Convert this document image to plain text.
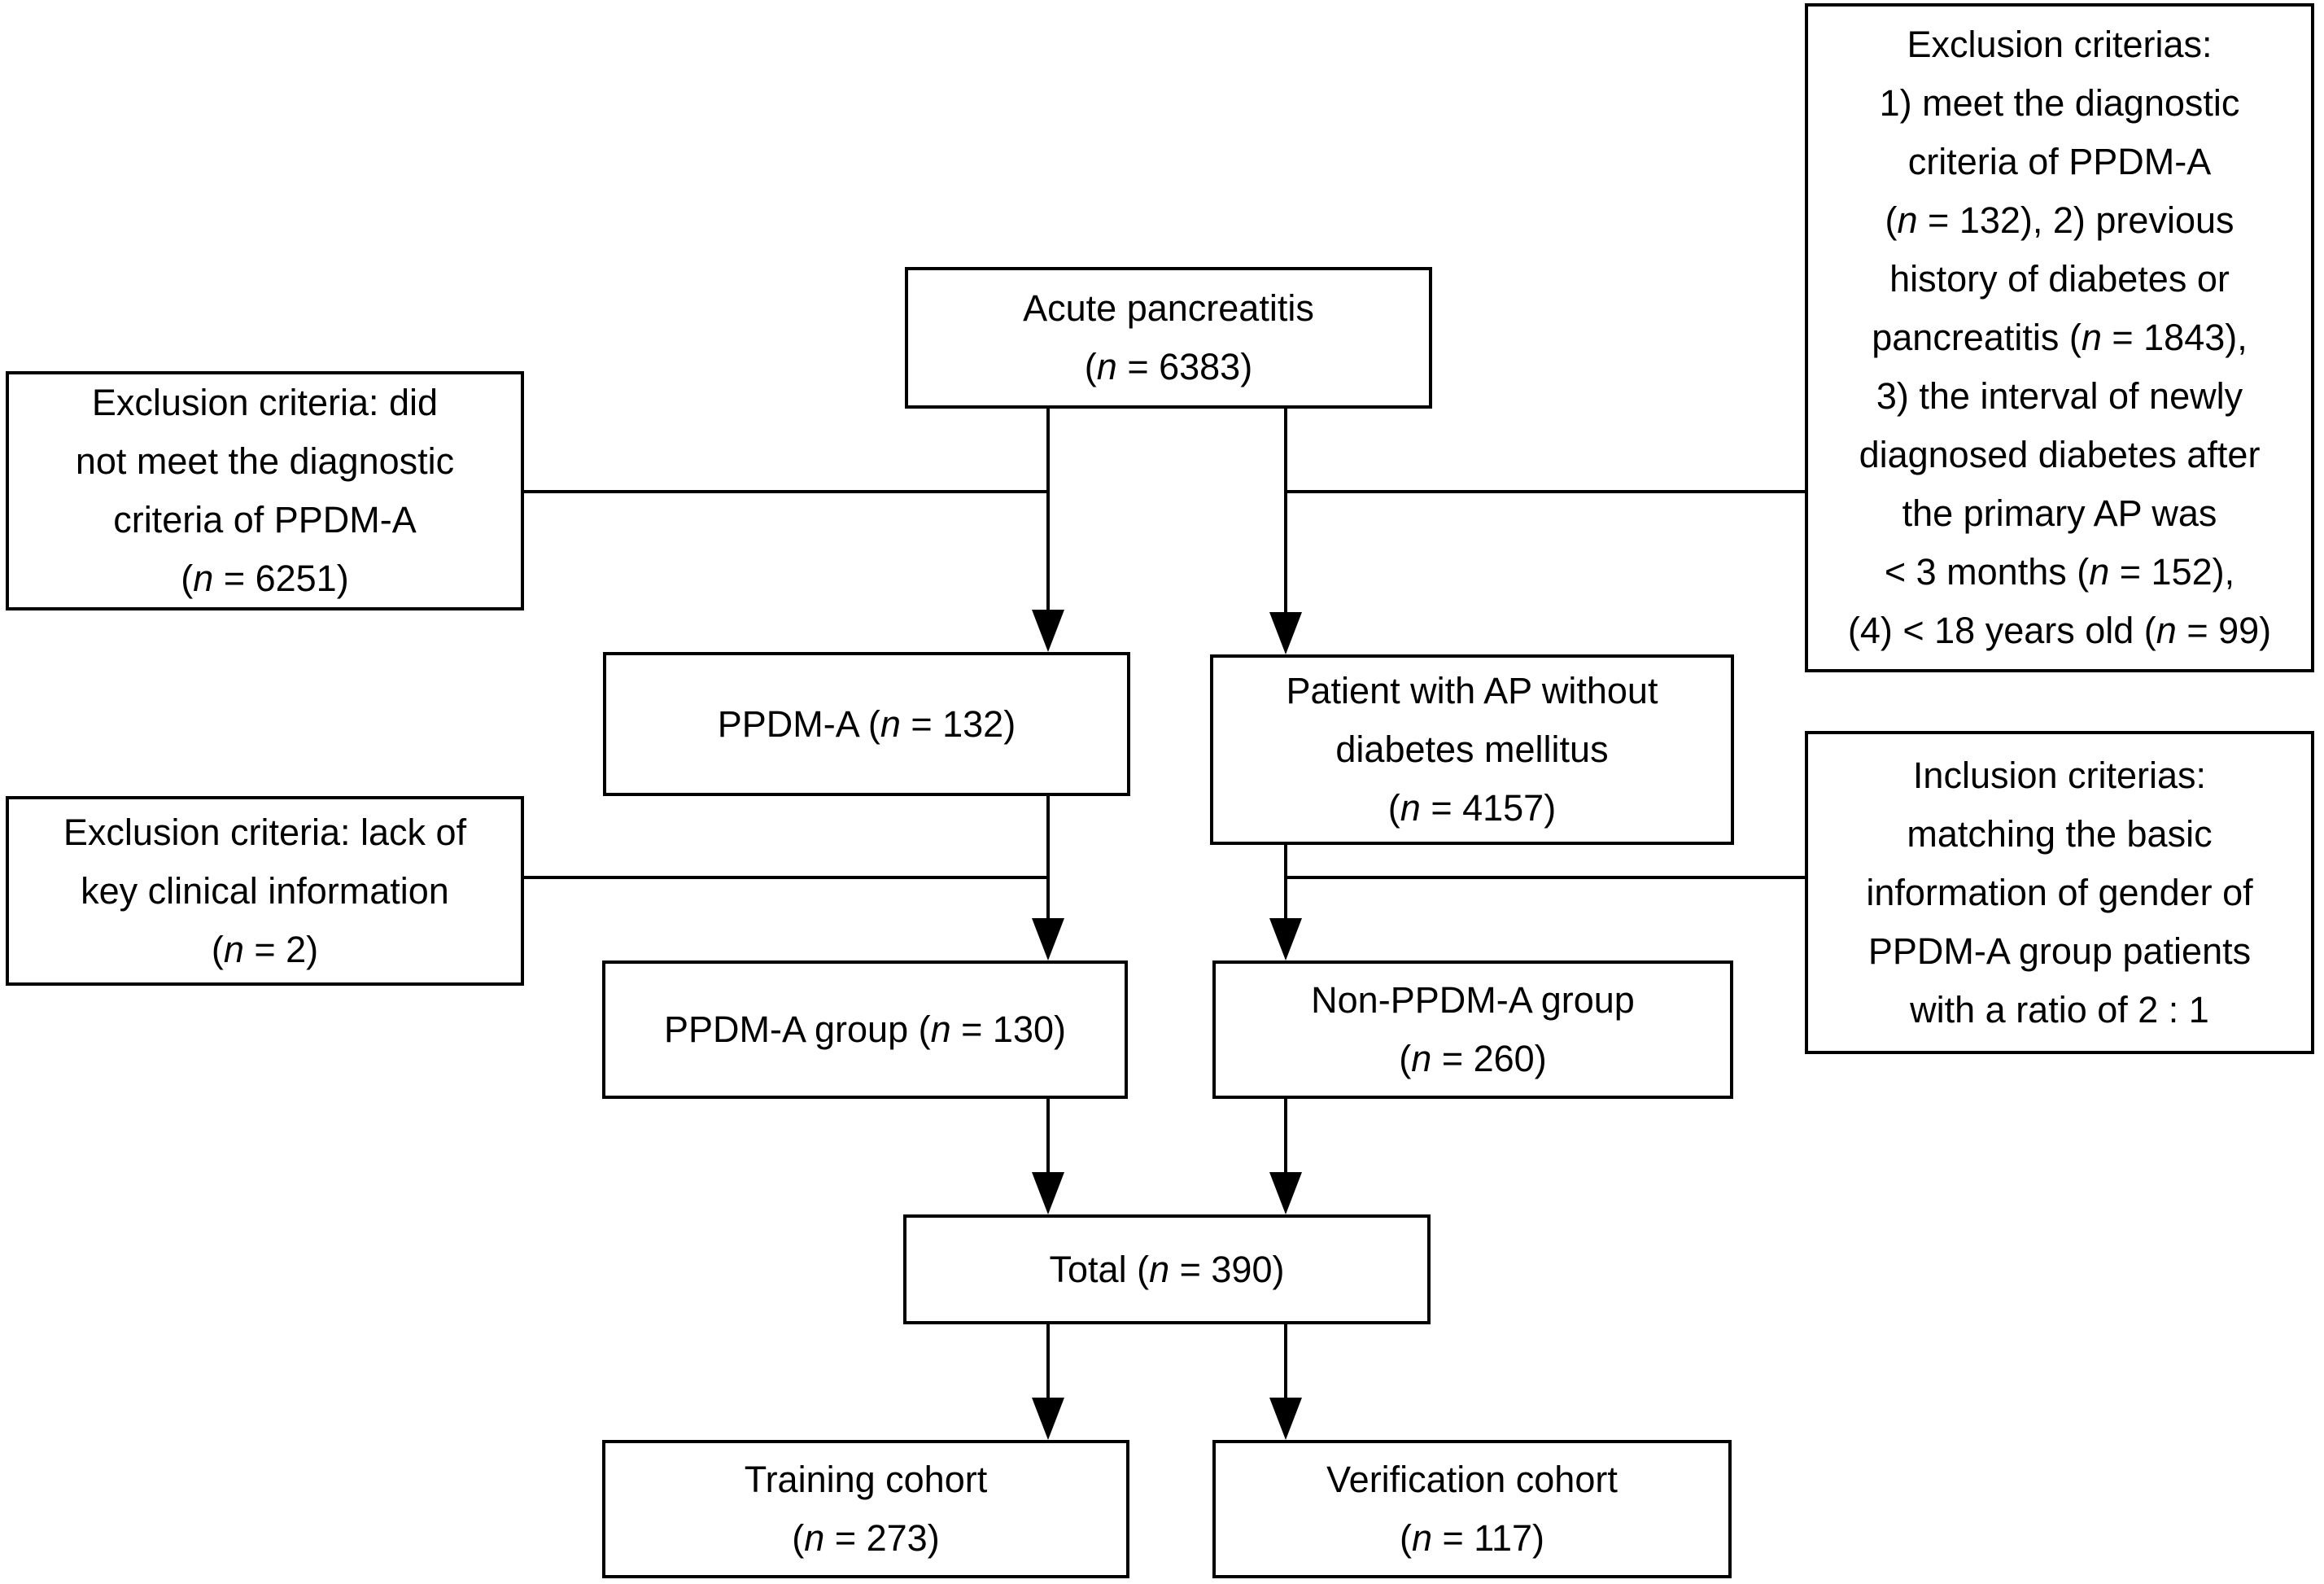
Acute pancreatitis
(n = 6383)
Exclusion criteria: did
not meet the diagnostic
criteria of PPDM-A
(n = 6251)
Exclusion criterias:
1) meet the diagnostic
criteria of PPDM-A
(n = 132), 2) previous
history of diabetes or
pancreatitis (n = 1843),
3) the interval of newly
diagnosed diabetes after
the primary AP was
< 3 months (n = 152),
(4) < 18 years old (n = 99)
PPDM-A (n = 132)
Patient with AP without
diabetes mellitus
(n = 4157)
Exclusion criteria: lack of
key clinical information
(n = 2)
Inclusion criterias:
matching the basic
information of gender of
PPDM-A group patients
with a ratio of 2 : 1
PPDM-A group (n = 130)
Non-PPDM-A group
(n = 260)
Total (n = 390)
Training cohort
(n = 273)
Verification cohort
(n = 117)
